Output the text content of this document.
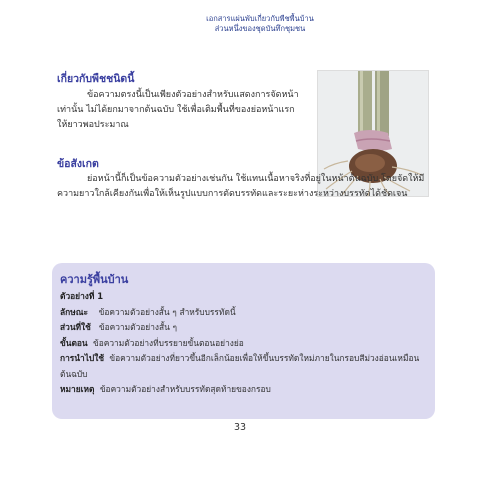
เอกสารแผ่นพับเกี่ยวกับพืชพื้นบ้าน
ส่วนหนึ่งของชุดบันทึกชุมชน
เกี่ยวกับพืชชนิดนี้
ข้อความตรงนี้เป็นเพียงตัวอย่างสำหรับแสดงการจัดหน้าเท่านั้น ไม่ได้ยกมาจากต้นฉบับ ใช้เพื่อเติมพื้นที่ของย่อหน้าแรกให้ยาวพอประมาณ
ข้อสังเกต
ย่อหน้านี้ก็เป็นข้อความตัวอย่างเช่นกัน ใช้แทนเนื้อหาจริงที่อยู่ในหน้าต้นฉบับ โดยจัดให้มีความยาวใกล้เคียงกันเพื่อให้เห็นรูปแบบการตัดบรรทัดและระยะห่างระหว่างบรรทัดได้ชัดเจน
ความรู้พื้นบ้าน
ตัวอย่างที่ 1
ลักษณะ ข้อความตัวอย่างสั้น ๆ สำหรับบรรทัดนี้
ส่วนที่ใช้ ข้อความตัวอย่างสั้น ๆ
ขั้นตอน ข้อความตัวอย่างที่บรรยายขั้นตอนอย่างย่อ
การนำไปใช้ ข้อความตัวอย่างที่ยาวขึ้นอีกเล็กน้อยเพื่อให้ขึ้นบรรทัดใหม่ภายในกรอบสีม่วงอ่อนเหมือนต้นฉบับ
หมายเหตุ ข้อความตัวอย่างสำหรับบรรทัดสุดท้ายของกรอบ
33
